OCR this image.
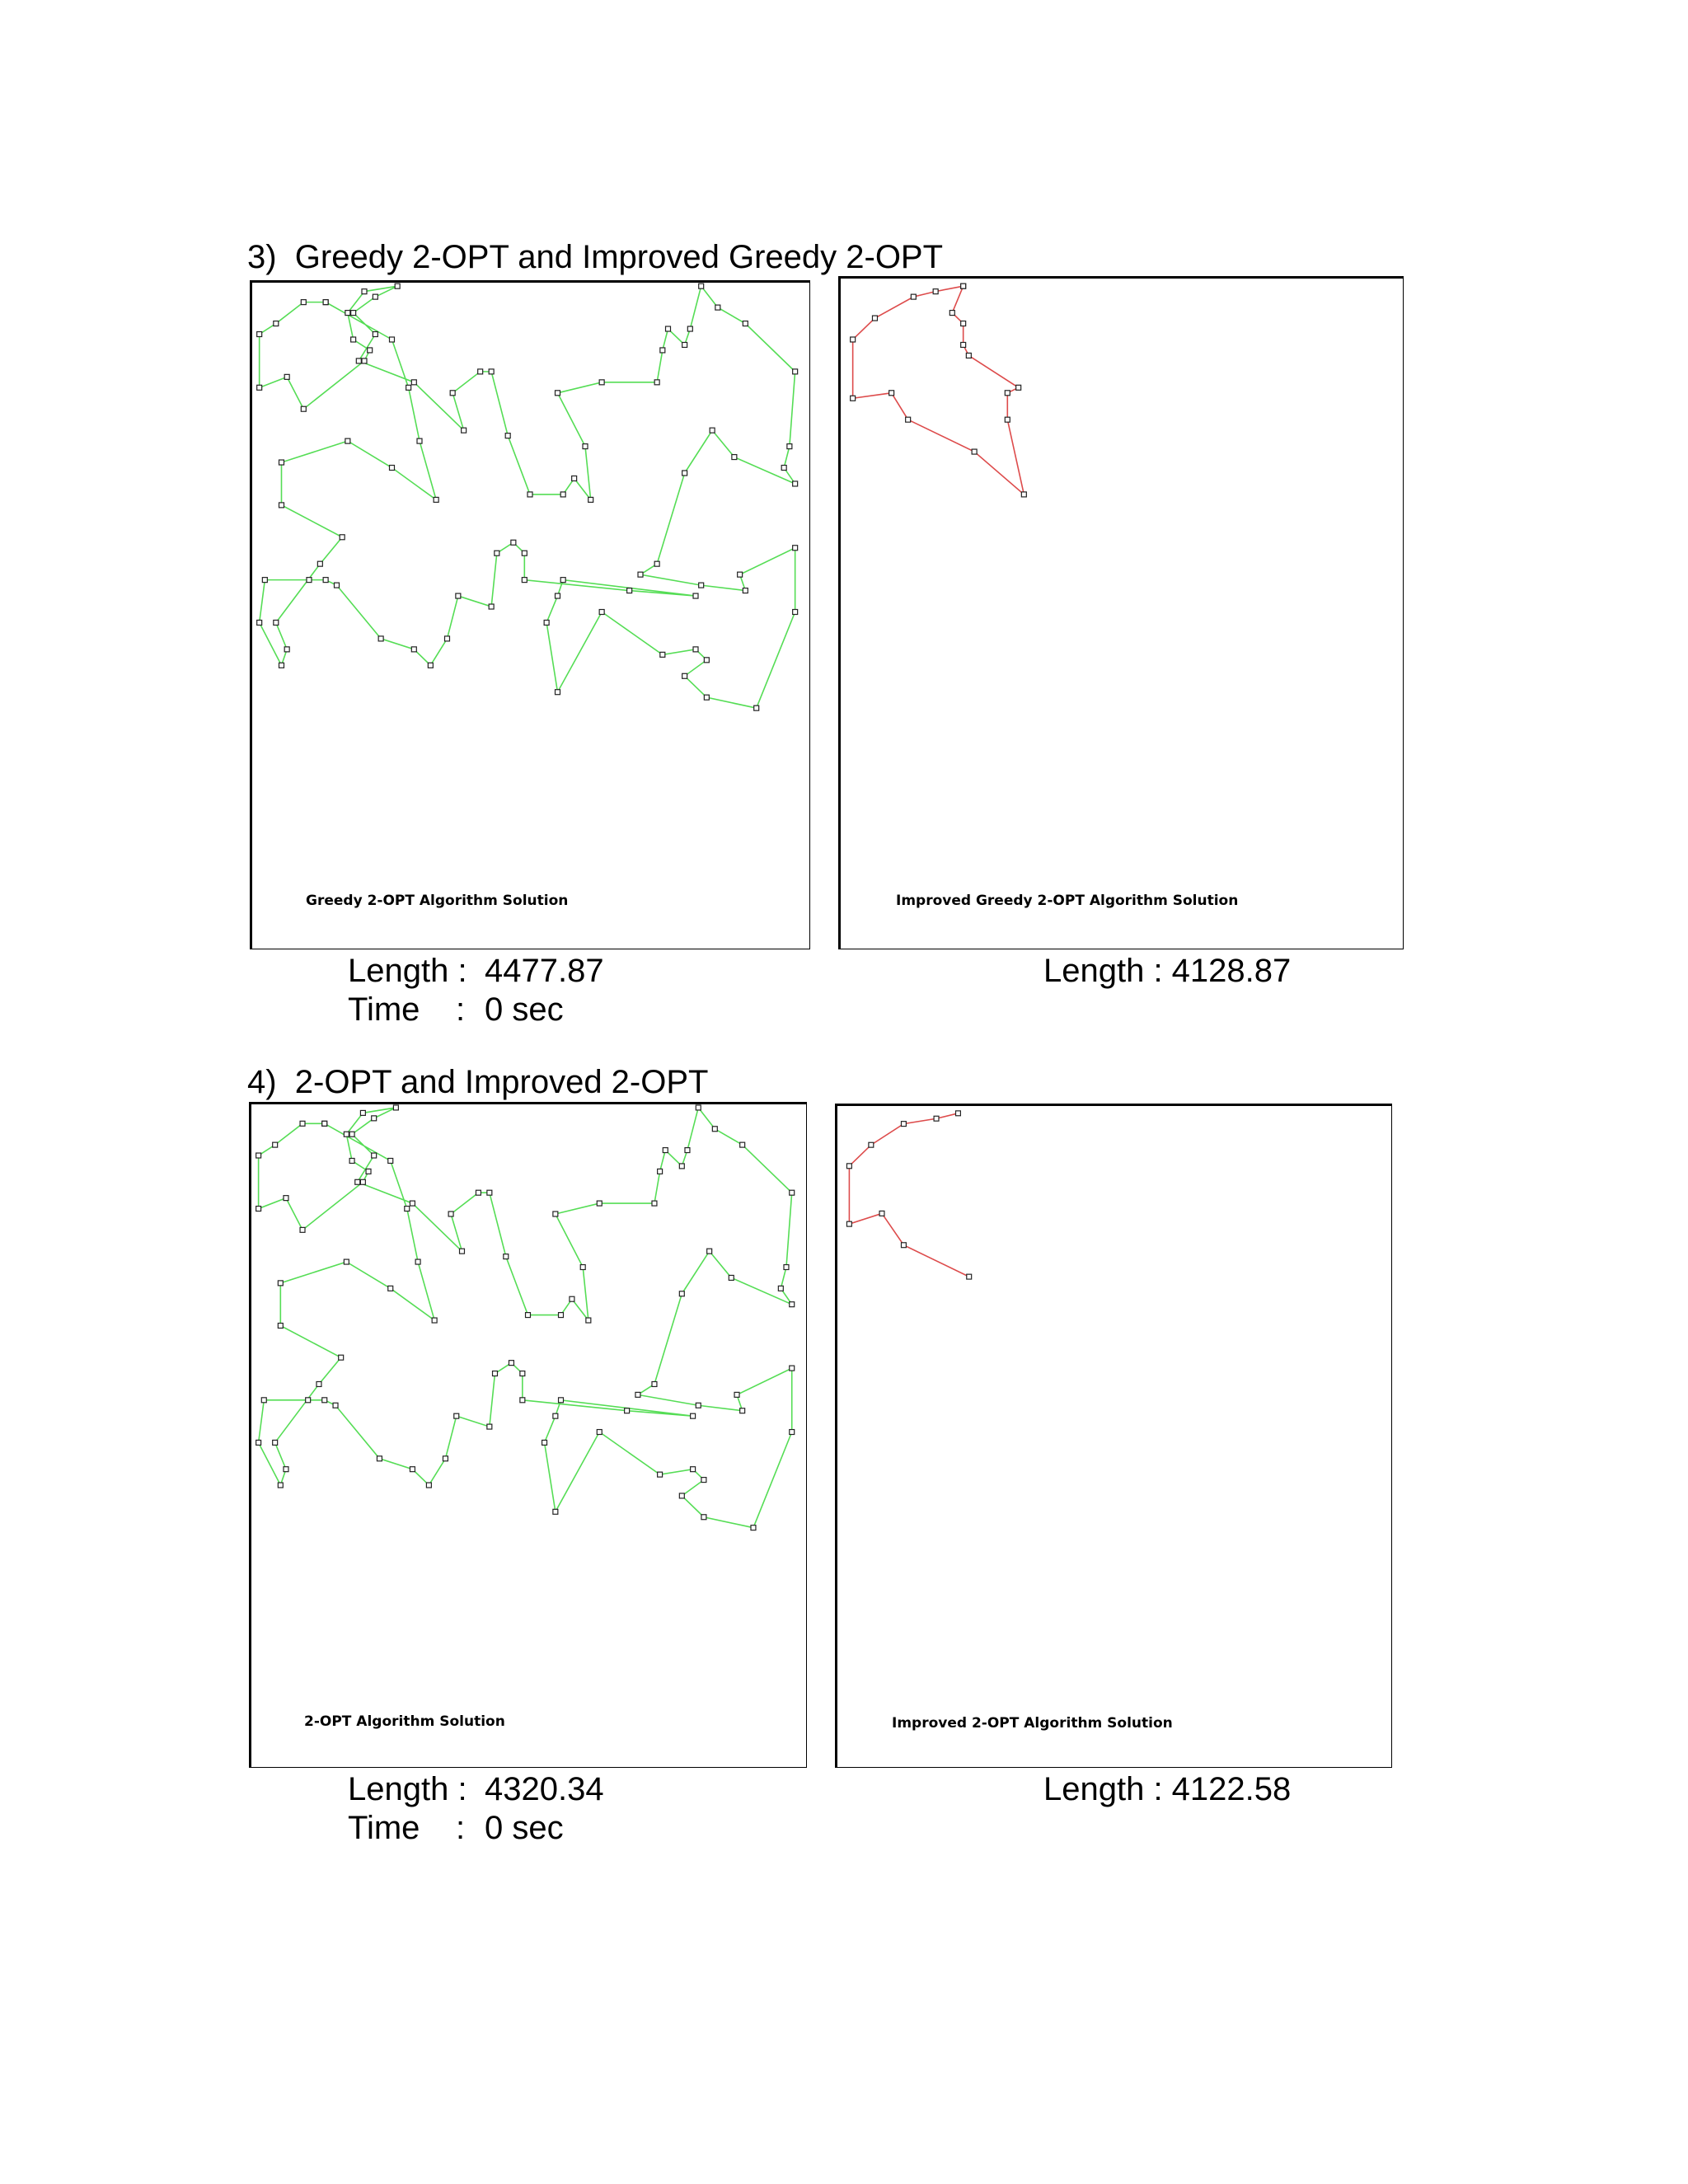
3)  Greedy 2-OPT and Improved Greedy 2-OPT
Greedy 2-OPT Algorithm Solution	Improved Greedy 2-OPT Algorithm Solution
Length : 4477.87
Time : 0 sec
Length : 4128.87
4)  2-OPT and Improved 2-OPT
2-OPT Algorithm Solution	Improved 2-OPT Algorithm Solution
Length : 4320.34
Time : 0 sec
Length : 4122.58
